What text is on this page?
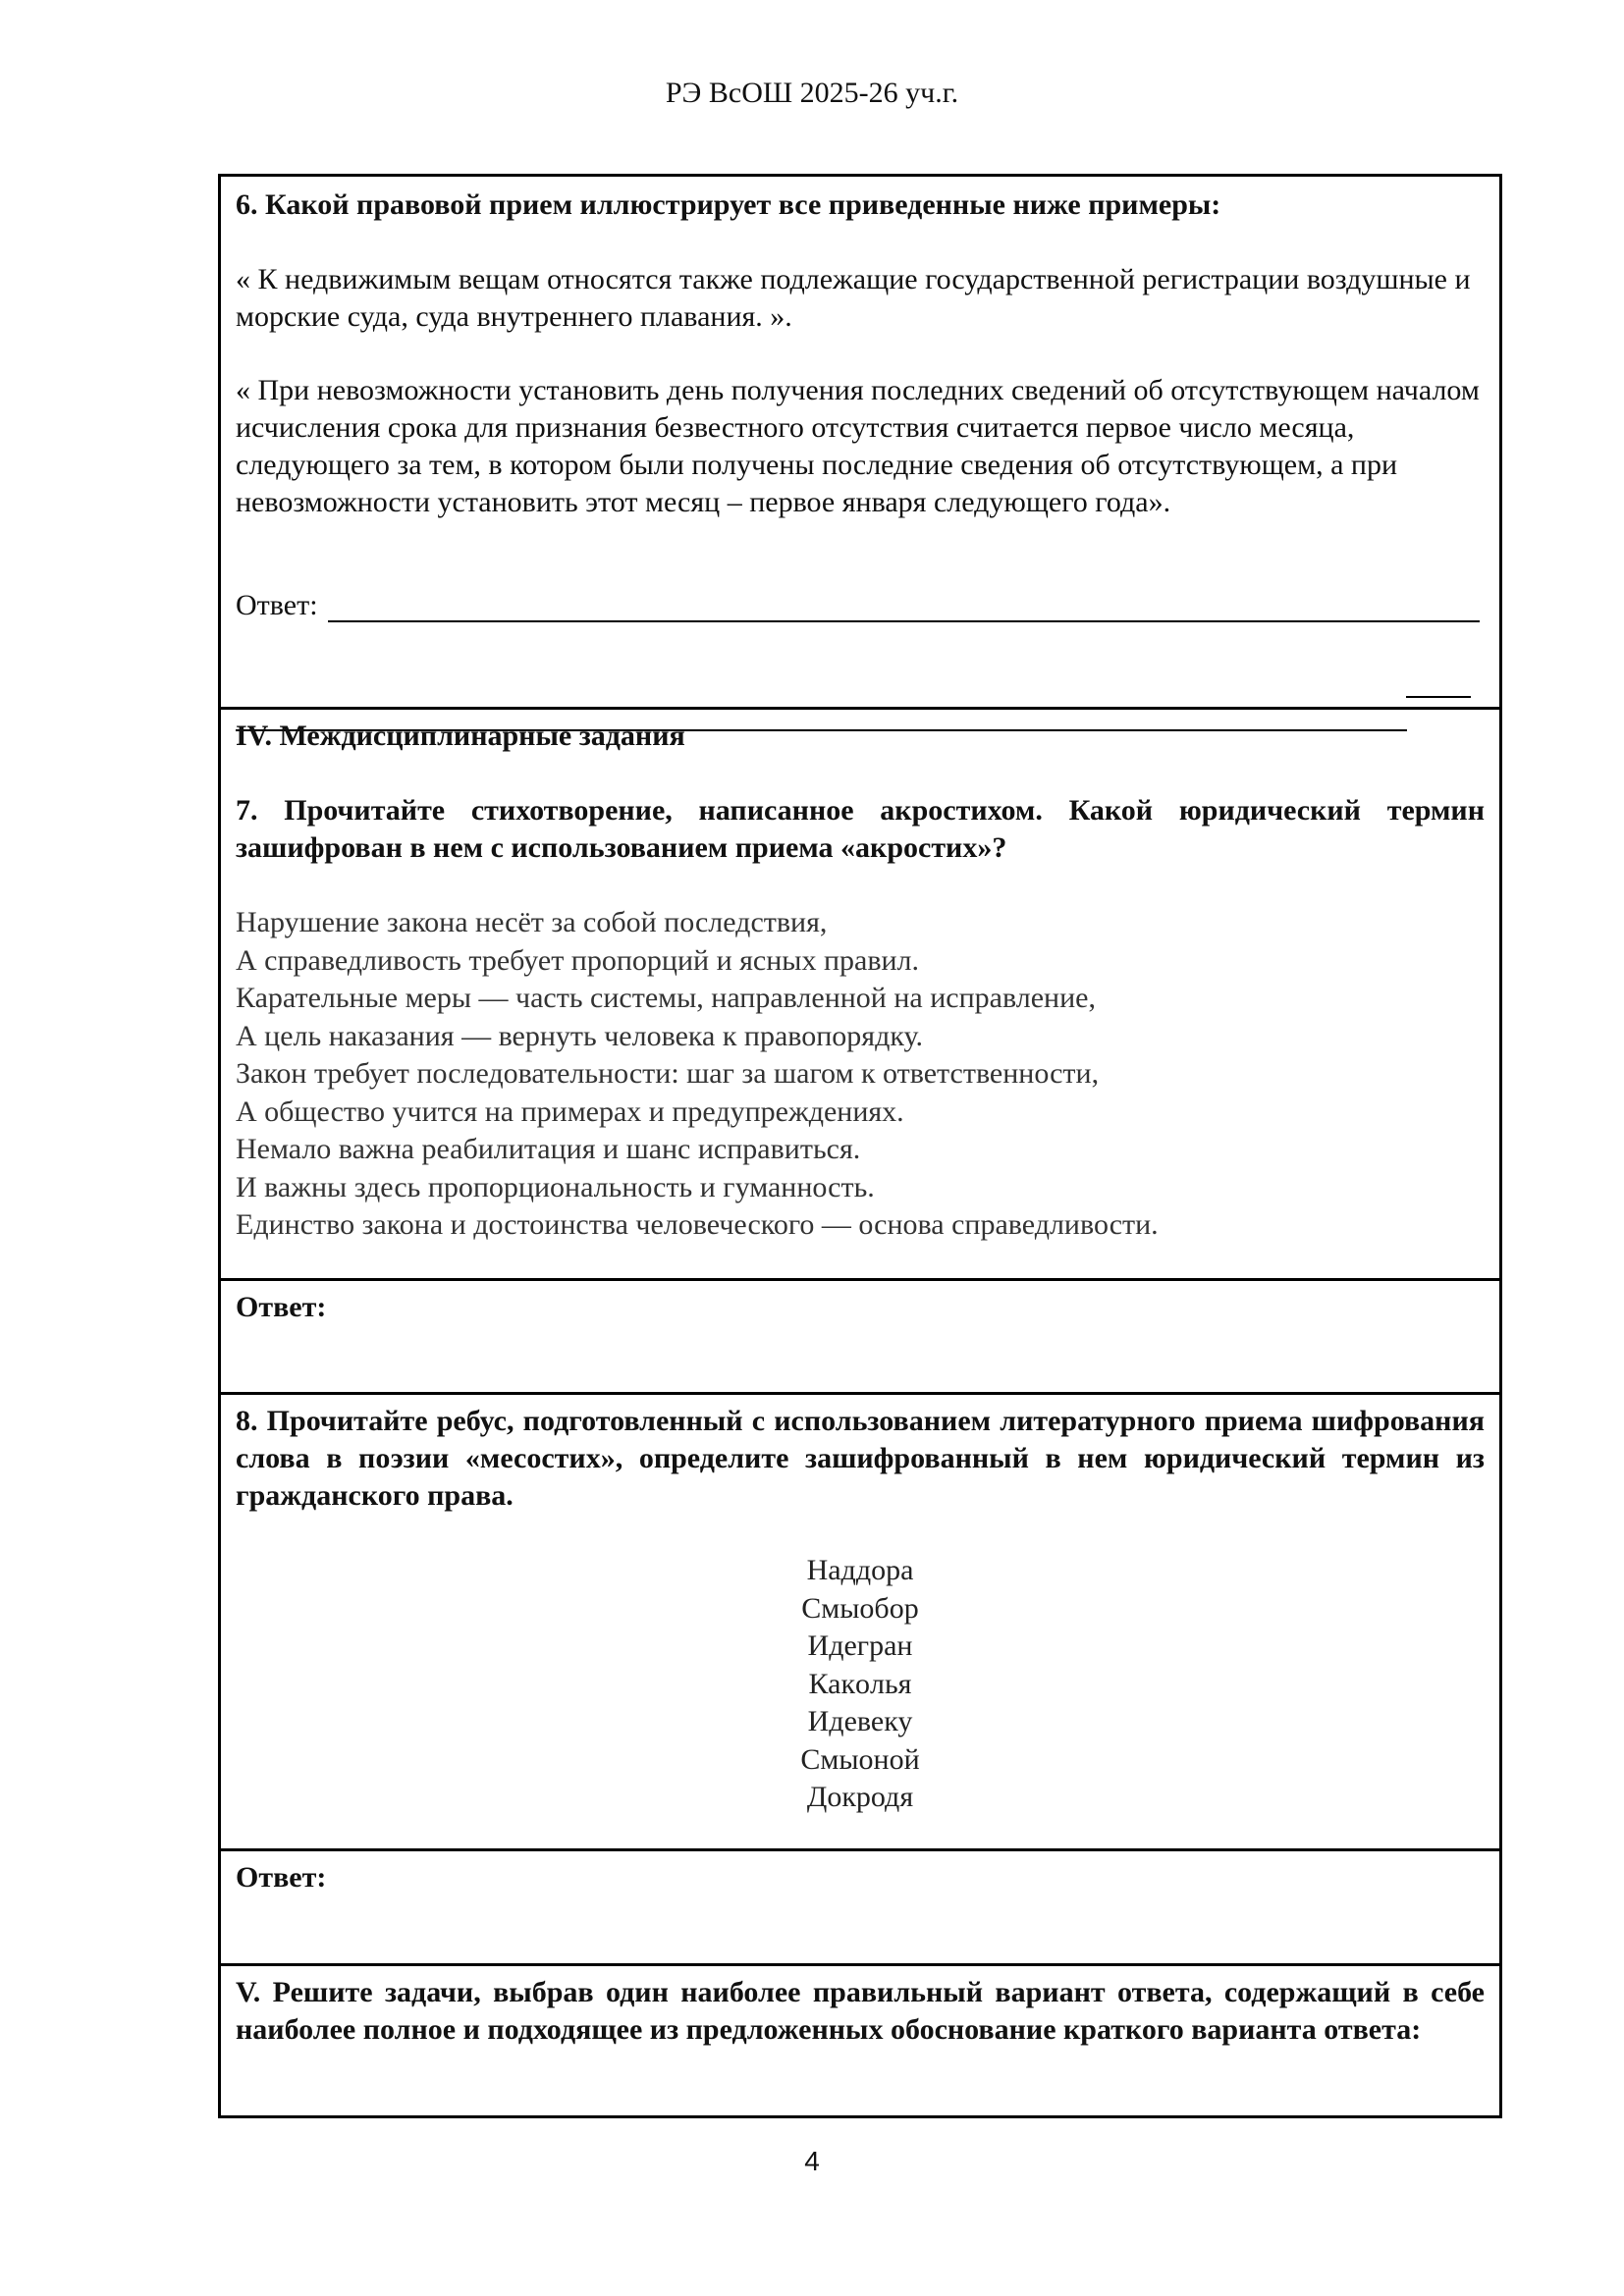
РЭ ВсОШ 2025-26 уч.г.

6. Какой правовой прием иллюстрирует все приведенные ниже примеры:

« К недвижимым вещам относятся также подлежащие государственной регистрации воздушные и морские суда, суда внутреннего плавания. ».

« При невозможности установить день получения последних сведений об отсутствующем началом исчисления срока для признания безвестного отсутствия считается первое число месяца, следующего за тем, в котором были получены последние сведения об отсутствующем, а при невозможности установить этот месяц – первое января следующего года».

Ответ:

IV. Междисциплинарные задания

7. Прочитайте стихотворение, написанное акростихом. Какой юридический термин зашифрован в нем с использованием приема «акростих»?

Нарушение закона несёт за собой последствия,

А справедливость требует пропорций и ясных правил.

Карательные меры — часть системы, направленной на исправление,

А цель наказания — вернуть человека к правопорядку.

Закон требует последовательности: шаг за шагом к ответственности,

А общество учится на примерах и предупреждениях.

Немало важна реабилитация и шанс исправиться.

И важны здесь пропорциональность и гуманность.

Единство закона и достоинства человеческого — основа справедливости.

Ответ:

8. Прочитайте ребус, подготовленный с использованием литературного приема шифрования слова в поэзии «месостих», определите зашифрованный в нем юридический термин из гражданского права.

Наддора

Смыобор

Идегран

Какoлья

Идевеку

Смыоной

Докродя

Ответ:

V. Решите задачи, выбрав один наиболее правильный вариант ответа, содержащий в себе наиболее полное и подходящее из предложенных обоснование краткого варианта ответа:

4
